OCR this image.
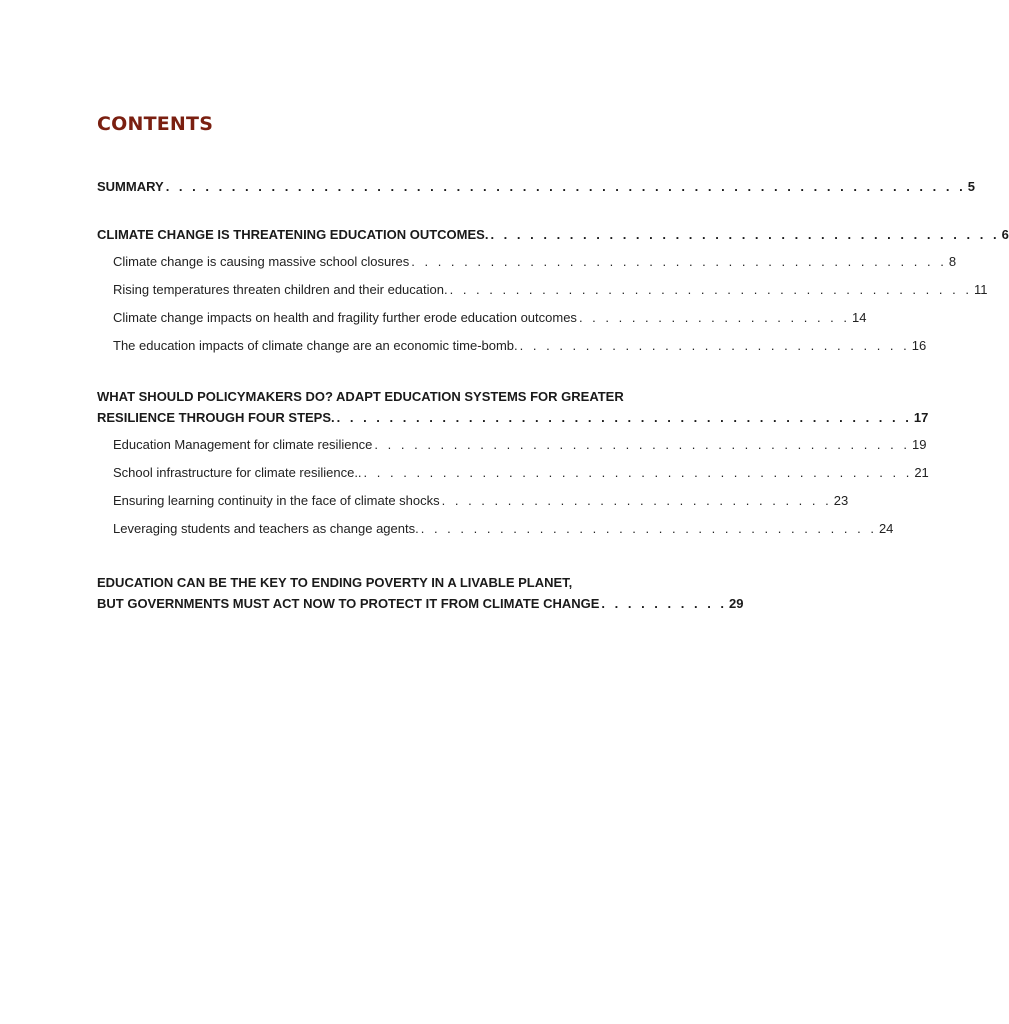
CONTENTS
SUMMARY . . . . . . . . . . . . . . . . . . . . . . . . . . . . . . . . . . . . . . . . . . . . . . . . . . . . . . . . . . . . . 5
CLIMATE CHANGE IS THREATENING EDUCATION OUTCOMES. . . . . . . . . . . . . . . . . . . . . . . . . . . . . . . . . . . . . . . . 6
Climate change is causing massive school closures . . . . . . . . . . . . . . . . . . . . . . . . . . . . . . . . . . . . . . . . . 8
Rising temperatures threaten children and their education. . . . . . . . . . . . . . . . . . . . . . . . . . . . . . . . . . . . . . . . . 11
Climate change impacts on health and fragility further erode education outcomes . . . . . . . . . . . . . . . . . . . . . 14
The education impacts of climate change are an economic time-bomb. . . . . . . . . . . . . . . . . . . . . . . . . . . . . . . 16
WHAT SHOULD POLICYMAKERS DO? ADAPT EDUCATION SYSTEMS FOR GREATER
RESILIENCE THROUGH FOUR STEPS. . . . . . . . . . . . . . . . . . . . . . . . . . . . . . . . . . . . . . . . . . . . . 17
Education Management for climate resilience . . . . . . . . . . . . . . . . . . . . . . . . . . . . . . . . . . . . . . . . . 19
School infrastructure for climate resilience.. . . . . . . . . . . . . . . . . . . . . . . . . . . . . . . . . . . . . . . . . . . 21
Ensuring learning continuity in the face of climate shocks . . . . . . . . . . . . . . . . . . . . . . . . . . . . . . 23
Leveraging students and teachers as change agents. . . . . . . . . . . . . . . . . . . . . . . . . . . . . . . . . . . . 24
EDUCATION CAN BE THE KEY TO ENDING POVERTY IN A LIVABLE PLANET,
BUT GOVERNMENTS MUST ACT NOW TO PROTECT IT FROM CLIMATE CHANGE . . . . . . . . . . 29
